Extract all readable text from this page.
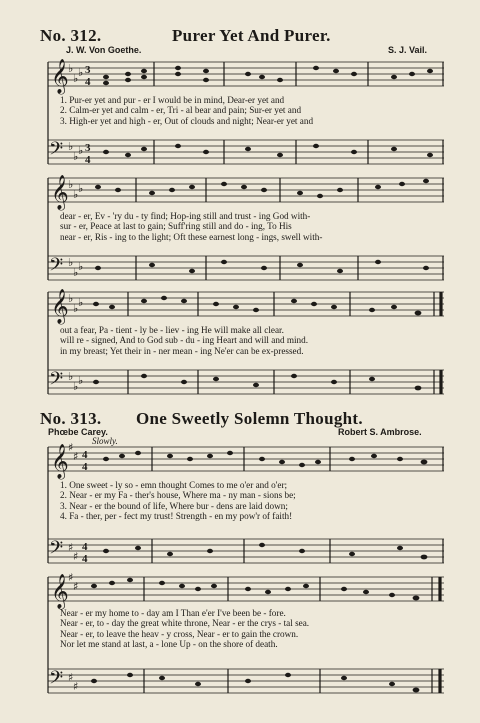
No. 312.	Purer Yet And Purer.
J. W. Von Goethe.	S. J. Vail.
𝄞 ♭
♭ ♭ 3
4
𝄢 ♭
♭ ♭ 3
4
1. Pur-er yet and pur - er I would be in mind, Dear-er yet and
2. Calm-er yet and calm - er, Tri - al bear and pain; Sur-er yet and
3. High-er yet and high - er, Out of clouds and night; Near-er yet and
𝄞 ♭
♭ ♭
𝄢 ♭
♭ ♭
dear - er, Ev - 'ry du - ty find; Hop-ing still and trust - ing God with-
sur - er, Peace at last to gain; Suff'ring still and do - ing, To His
near - er, Ris - ing to the light; Oft these earnest long - ings, swell with-
𝄞 ♭
♭ ♭
𝄢 ♭
♭ ♭
out a fear, Pa - tient - ly be - liev - ing He will make all clear.
will re - signed, And to God sub - du - ing Heart and will and mind.
in my breast; Yet their in - ner mean - ing Ne'er can be ex-pressed.
No. 313. One Sweetly Solemn Thought.
Phœbe Carey.	Robert S. Ambrose.
Slowly.
𝄞 ♯
♯ 4
4
𝄢 ♯
♯
4
4
1. One sweet - ly so - emn thought Comes to me o'er and o'er;
2. Near - er my Fa - ther's house, Where ma - ny man - sions be;
3. Near - er the bound of life, Where bur - dens are laid down;
4. Fa - ther, per - fect my trust! Strength - en my pow'r of faith!
𝄞 ♯
♯
𝄢 ♯
♯
Near - er my home to - day am I Than e'er I've been be - fore.
Near - er, to - day the great white throne, Near - er the crys - tal sea.
Near - er, to leave the heav - y cross, Near - er to gain the crown.
Nor let me stand at last, a - lone Up - on the shore of death.
